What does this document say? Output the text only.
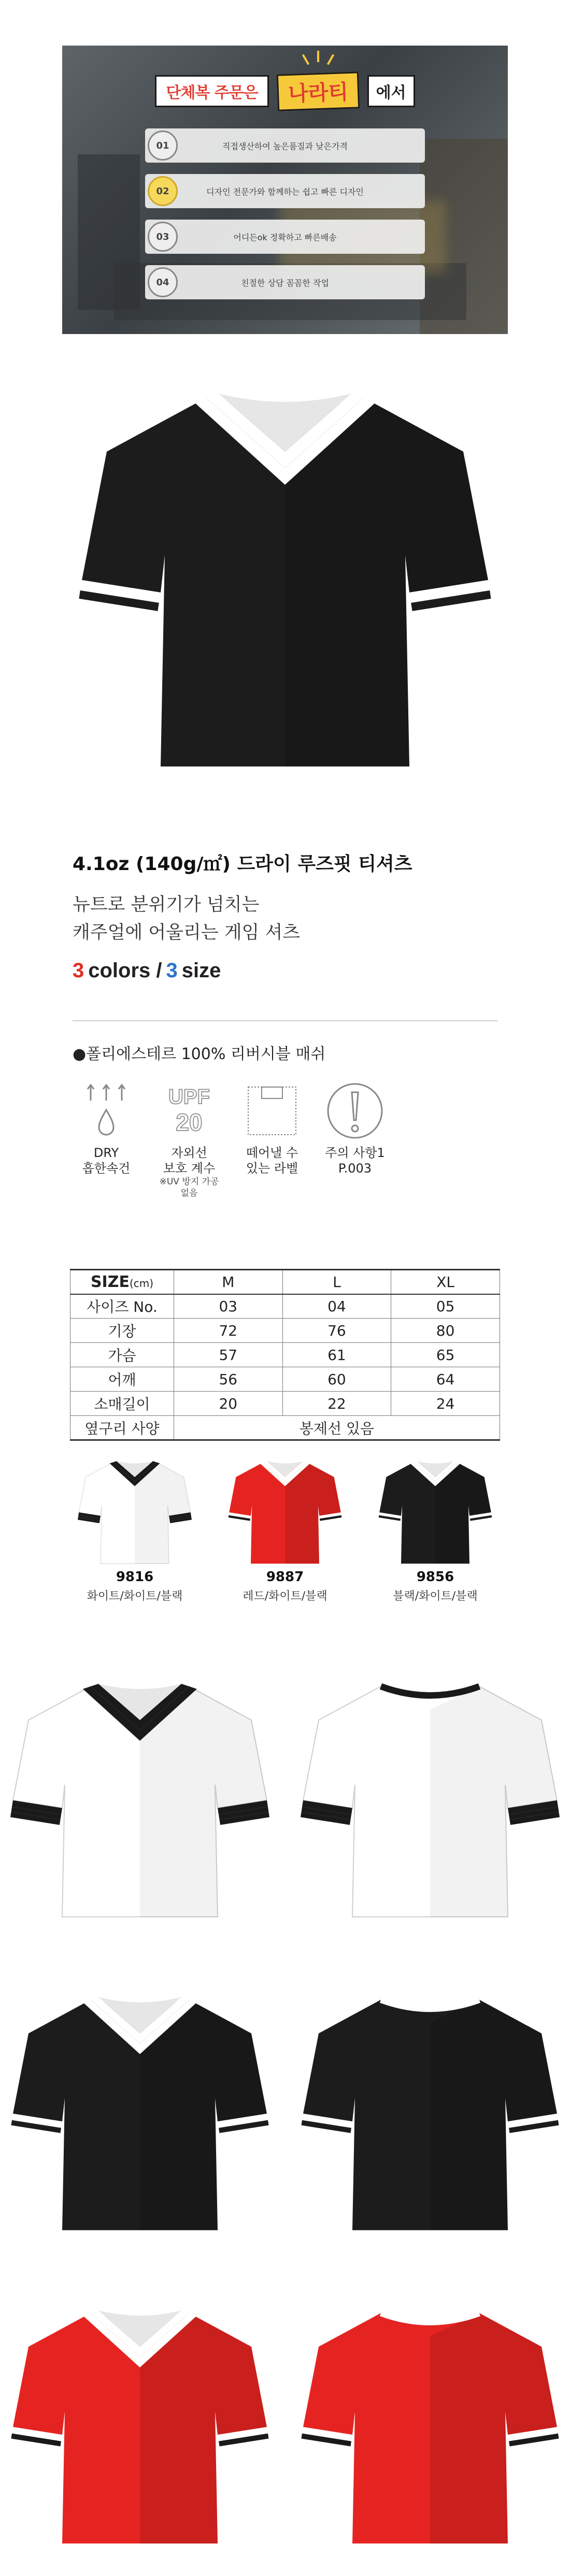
단체복 주문은	나라티	에서
직접생산하여 높은품질과 낮은가격
01
디자인 전문가와 함께하는 쉽고 빠른 디자인
02
어디든ok 정확하고 빠른배송
03
친절한 상담 꼼꼼한 작업
04
4.1oz (140g/㎡) 드라이 루즈핏 티셔츠
뉴트로 분위기가 넘치는
캐주얼에 어울리는 게임 셔츠
3 colors / 3 size
●폴리에스테르 100% 리버시블 매쉬
DRY
흡한속건
UPF
20
자외선
보호 계수
※UV 방지 가공 없음
떼어낼 수
있는 라벨
주의 사항1
P.003
SIZE(cm)	M	L	XL
사이즈 No.	03	04	05
기장	72	76	80
가슴	57	61	65
어깨	56	60	64
소매길이	20	22	24
옆구리 사양	봉제선 있음		
9816
화이트/화이트/블랙
9887
레드/화이트/블랙
9856
블랙/화이트/블랙
